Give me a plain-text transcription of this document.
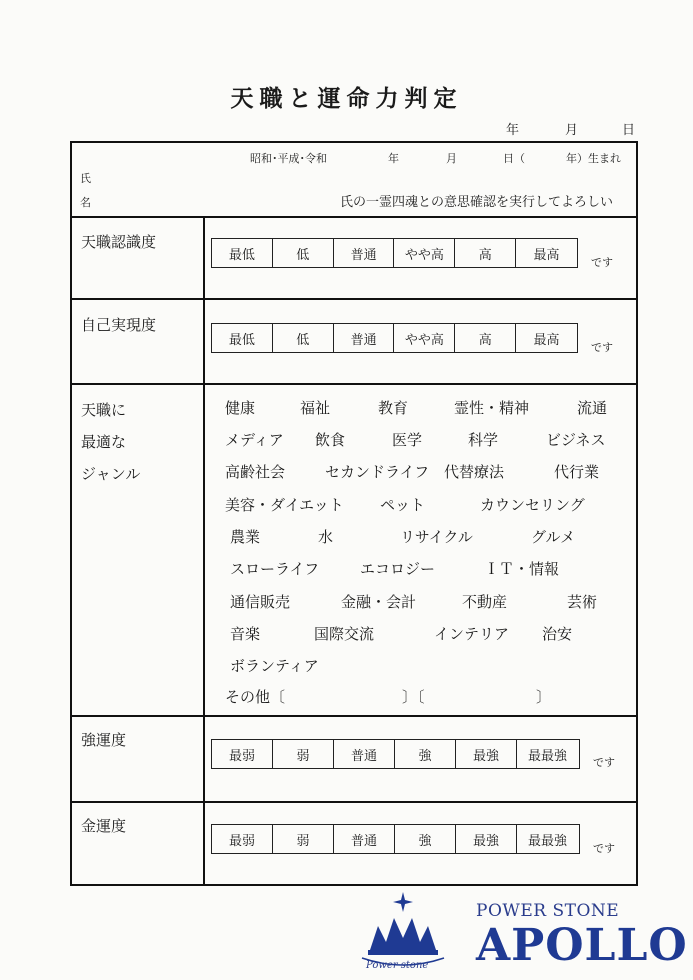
天職と運命力判定
年	月	日
昭和･平成･令和	年	月	日（	年）生まれ
氏
名	氏の一霊四魂との意思確認を実行してよろしい
天職認識度
最低	低	普通	やや高	高	最高	です
自己実現度
最低	低	普通	やや高	高	最高	です
天職に
最適な
ジャンル
健康	福祉	教育	霊性・精神	流通
メディア 飲食	医学	科学	ビジネス
高齢社会	セカンドライフ 代替療法	代行業
美容・ダイエット ペット	カウンセリング
農業	水	リサイクル	グルメ
スローライフ	エコロジー	ＩＴ・情報
通信販売	金融・会計	不動産	芸術
音楽	国際交流	インテリア 治安
ボランティア
その他〔	〕〔	〕
強運度
最弱	弱	普通	強	最強	最最強	です
金運度
最弱	弱	普通	強	最強	最最強	です
Power stone
POWER STONE
APOLLO
